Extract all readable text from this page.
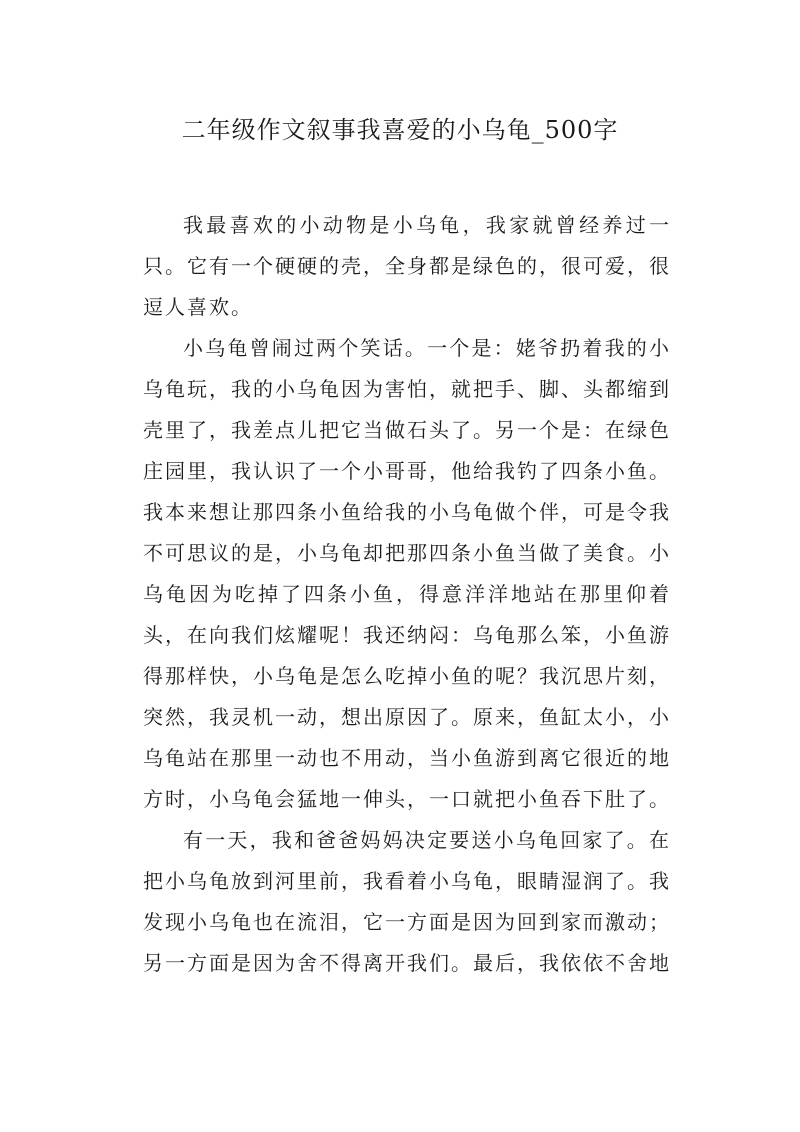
二年级作文叙事我喜爱的小乌龟_500字

我最喜欢的小动物是小乌龟，我家就曾经养过一只。它有一个硬硬的壳，全身都是绿色的，很可爱，很逗人喜欢。

小乌龟曾闹过两个笑话。一个是：姥爷扔着我的小乌龟玩，我的小乌龟因为害怕，就把手、脚、头都缩到壳里了，我差点儿把它当做石头了。另一个是：在绿色庄园里，我认识了一个小哥哥，他给我钓了四条小鱼。我本来想让那四条小鱼给我的小乌龟做个伴，可是令我不可思议的是，小乌龟却把那四条小鱼当做了美食。小乌龟因为吃掉了四条小鱼，得意洋洋地站在那里仰着头，在向我们炫耀呢！我还纳闷：乌龟那么笨，小鱼游得那样快，小乌龟是怎么吃掉小鱼的呢？我沉思片刻，突然，我灵机一动，想出原因了。原来，鱼缸太小，小乌龟站在那里一动也不用动，当小鱼游到离它很近的地方时，小乌龟会猛地一伸头，一口就把小鱼吞下肚了。

有一天，我和爸爸妈妈决定要送小乌龟回家了。在把小乌龟放到河里前，我看着小乌龟，眼睛湿润了。我发现小乌龟也在流泪，它一方面是因为回到家而激动；另一方面是因为舍不得离开我们。最后，我依依不舍地
